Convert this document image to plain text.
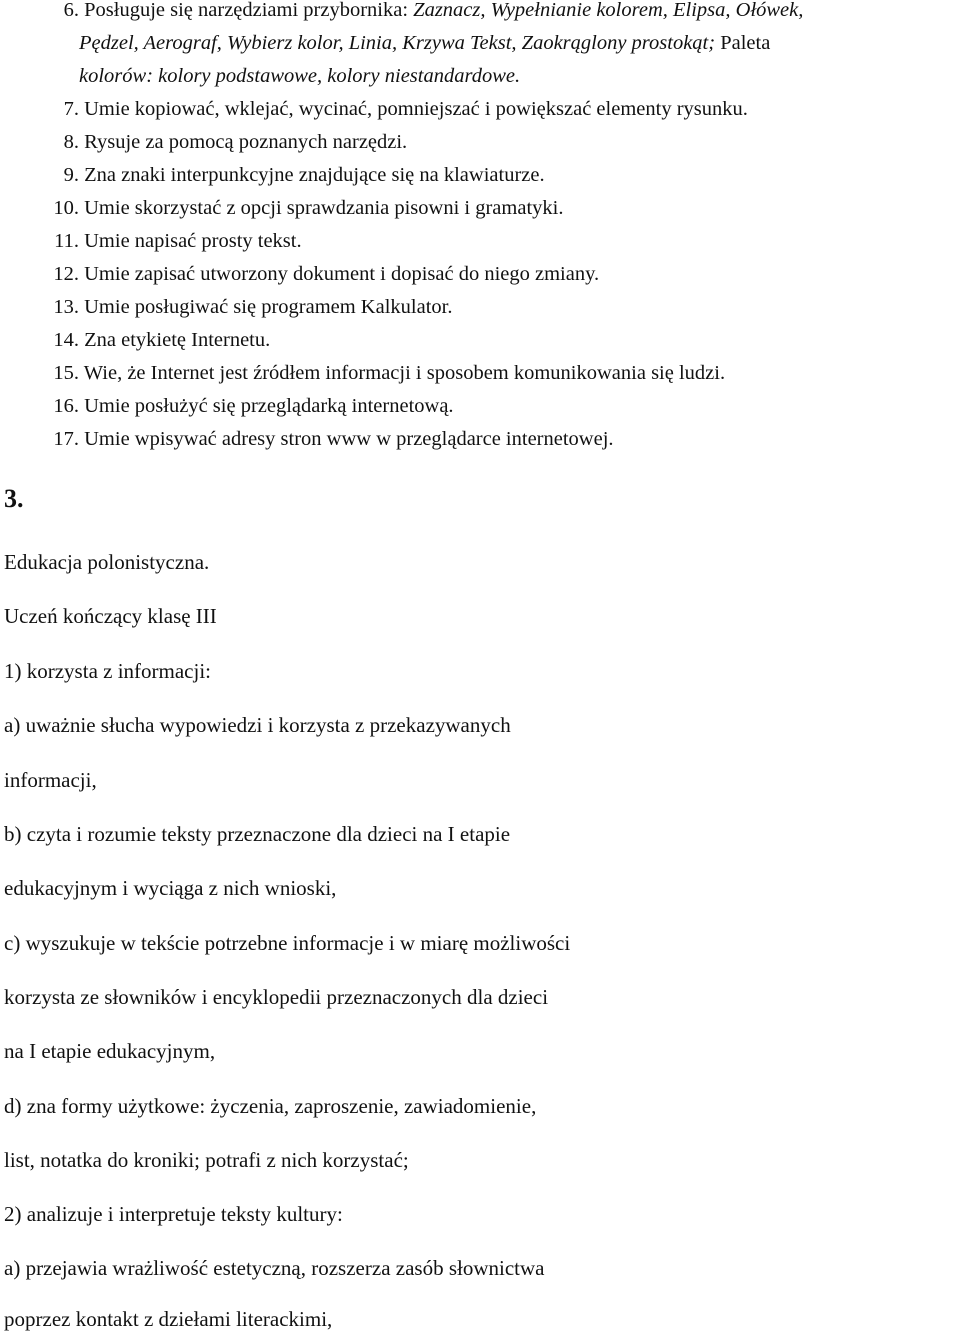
6. Posługuje się narzędziami przybornika: Zaznacz, Wypełnianie kolorem, Elipsa, Ołówek,
Pędzel, Aerograf, Wybierz kolor, Linia, Krzywa Tekst, Zaokrąglony prostokąt; Paleta
kolorów: kolory podstawowe, kolory niestandardowe.
7. Umie kopiować, wklejać, wycinać, pomniejszać i powiększać elementy rysunku.
8. Rysuje za pomocą poznanych narzędzi.
9. Zna znaki interpunkcyjne znajdujące się na klawiaturze.
10. Umie skorzystać z opcji sprawdzania pisowni i gramatyki.
11. Umie napisać prosty tekst.
12. Umie zapisać utworzony dokument i dopisać do niego zmiany.
13. Umie posługiwać się programem Kalkulator.
14. Zna etykietę Internetu.
15. Wie, że Internet jest źródłem informacji i sposobem komunikowania się ludzi.
16. Umie posłużyć się przeglądarką internetową.
17. Umie wpisywać adresy stron www w przeglądarce internetowej.
3.
Edukacja polonistyczna.
Uczeń kończący klasę III
1) korzysta z informacji:
a) uważnie słucha wypowiedzi i korzysta z przekazywanych
informacji,
b) czyta i rozumie teksty przeznaczone dla dzieci na I etapie
edukacyjnym i wyciąga z nich wnioski,
c) wyszukuje w tekście potrzebne informacje i w miarę możliwości
korzysta ze słowników i encyklopedii przeznaczonych dla dzieci
na I etapie edukacyjnym,
d) zna formy użytkowe: życzenia, zaproszenie, zawiadomienie,
list, notatka do kroniki; potrafi z nich korzystać;
2) analizuje i interpretuje teksty kultury:
a) przejawia wrażliwość estetyczną, rozszerza zasób słownictwa
poprzez kontakt z dziełami literackimi,
